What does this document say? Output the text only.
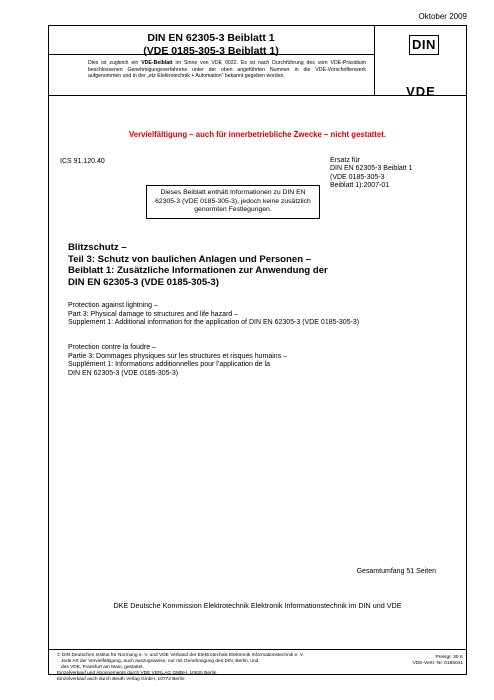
Oktober 2009
DIN EN 62305-3 Beiblatt 1
(VDE 0185-305-3 Beiblatt 1)
Dies ist zugleich ein VDE-Beiblatt im Sinne von VDE 0022. Es ist nach Durchführung des vom VDE-Präsidium beschlossenen Genehmigungsverfahrens unter der oben angeführten Nummer in die VDE-Vorschriftenwerk aufgenommen und in der „etz Elektrotechnik + Automation“ bekannt gegeben worden.
DIN
VDE
Vervielfältigung – auch für innerbetriebliche Zwecke – nicht gestattet.
ICS 91.120.40	Ersatz für
DIN EN 62305-3 Beiblatt 1
(VDE 0185-305-3
Beiblatt 1):2007-01
Dieses Beiblatt enthält Informationen zu DIN EN 62305-3 (VDE 0185-305-3), jedoch keine zusätzlich genormten Festlegungen.
Blitzschutz –
Teil 3: Schutz von baulichen Anlagen und Personen –
Beiblatt 1: Zusätzliche Informationen zur Anwendung der
DIN EN 62305-3 (VDE 0185-305-3)
Protection against lightning –
Part 3: Physical damage to structures and life hazard –
Supplement 1: Additional information for the application of DIN EN 62305-3 (VDE 0185-305-3)
Protection contre la foudre –
Partie 3: Dommages physiques sur les structures et risques humains –
Supplément 1: Informations additionnelles pour l’application de la
DIN EN 62305-3 (VDE 0185-305-3)
Gesamtumfang 51 Seiten
DKE Deutsche Kommission Elektrotechnik Elektronik Informationstechnik im DIN und VDE
© DIN Deutsches Institut für Normung e. V. und VDE Verband der Elektrotechnik Elektronik Informationstechnik e. V.
Jede Art der Vervielfältigung, auch auszugsweise, nur mit Genehmigung des DIN, Berlin, und
des VDE, Frankfurt am Main, gestattet.
Einzelverkauf und Abonnements durch VDE VERLAG GMBH, 10625 Berlin
Preisgr. 30 K
VDE-Vertr.-Nr. 0185041
Einzelverkauf auch durch Beuth Verlag GmbH, 10772 Berlin
